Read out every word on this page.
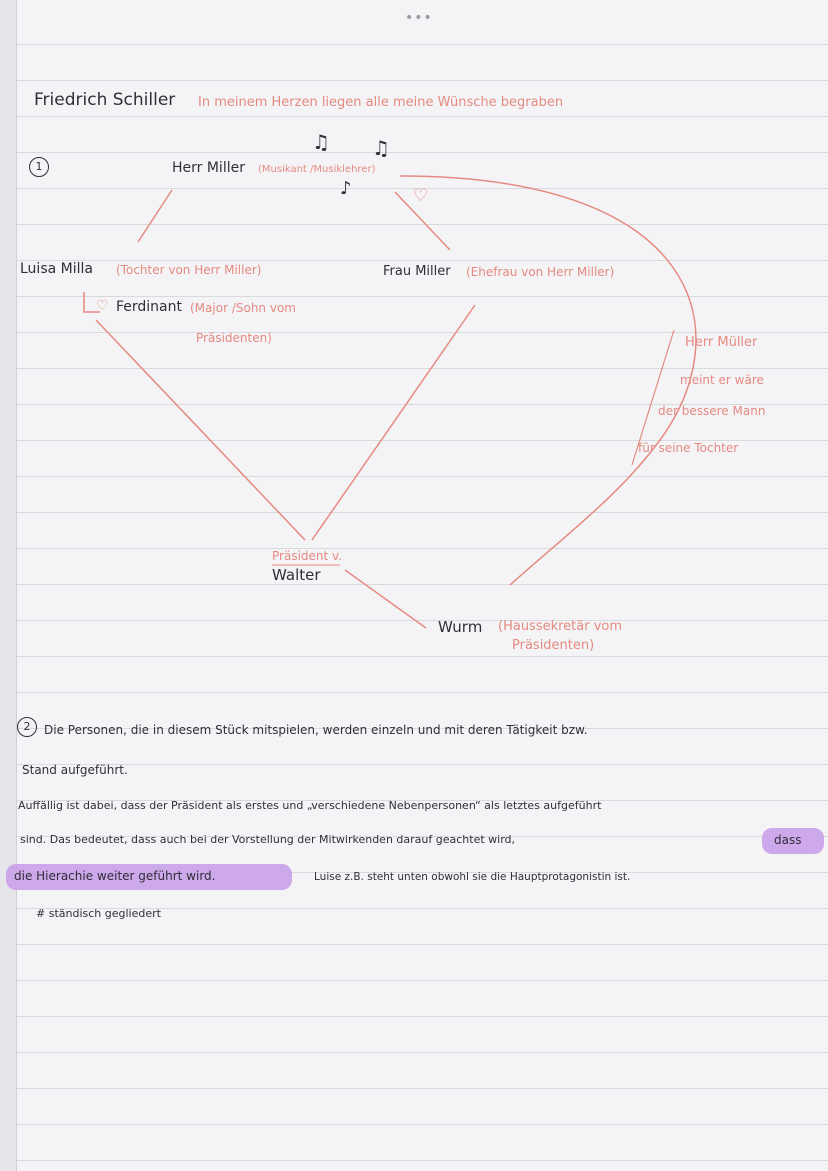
•••
Friedrich Schiller In meinem Herzen liegen alle meine Wünsche begraben
1	Herr Miller (Musikant /Musiklehrer)
♫ ♫
♪	♡
Luisa Milla (Tochter von Herr Miller)
♡ Ferdinant (Major /Sohn vom
Präsidenten)
Frau Miller (Ehefrau von Herr Miller)
Herr Müller
meint er wäre
der bessere Mann
für seine Tochter
Präsident v.
Walter
Wurm (Haussekretär vom
Präsidenten)
2	Die Personen, die in diesem Stück mitspielen, werden einzeln und mit deren Tätigkeit bzw.
Stand aufgeführt.
Auffällig ist dabei, dass der Präsident als erstes und „verschiedene Nebenpersonen“ als letztes aufgeführt
sind. Das bedeutet, dass auch bei der Vorstellung der Mitwirkenden darauf geachtet wird,	dass
die Hierachie weiter geführt wird.	Luise z.B. steht unten obwohl sie die Hauptprotagonistin ist.
# ständisch gegliedert
